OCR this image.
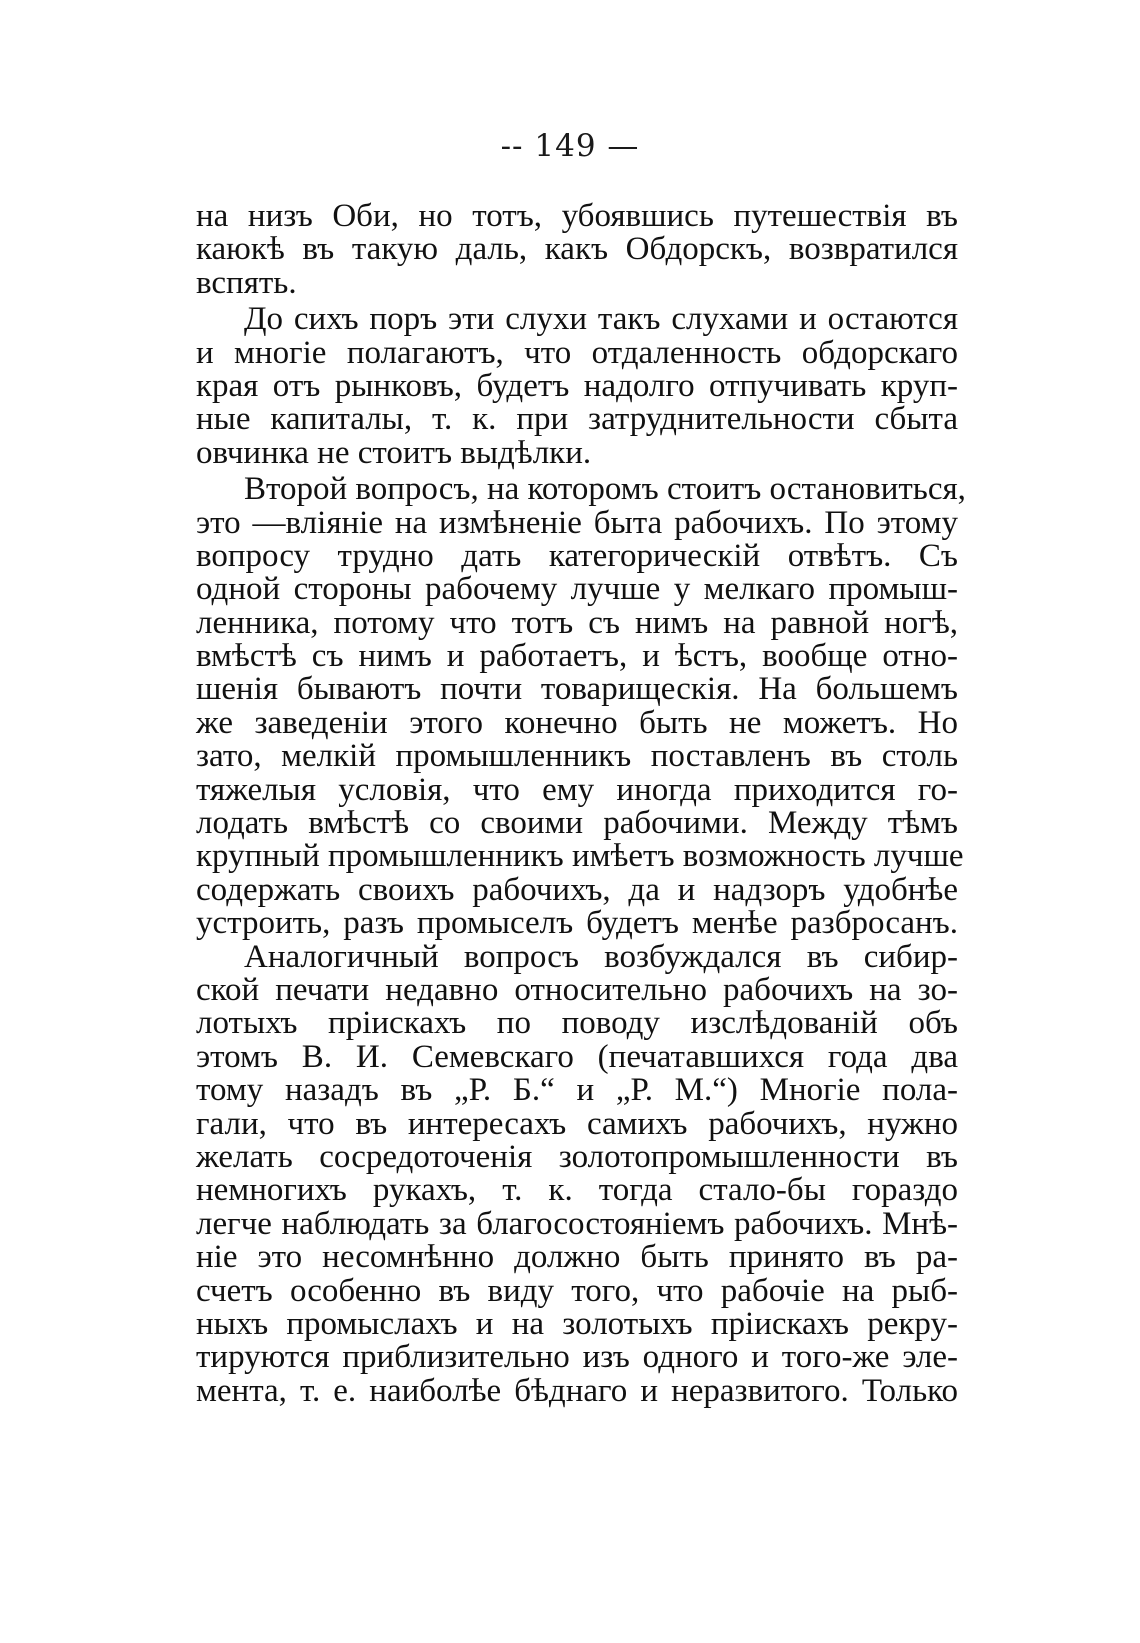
-- 149 —
на низъ Оби, но тотъ, убоявшись путешествія въ
каюкѣ въ такую даль, какъ Обдорскъ, возвратился
вспять.
До сихъ поръ эти слухи такъ слухами и остаются
и многіе полагаютъ, что отдаленность обдорскаго
края отъ рынковъ, будетъ надолго отпучивать круп-
ные капиталы, т. к. при затруднительности сбыта
овчинка не стоитъ выдѣлки.
Второй вопросъ, на которомъ стоитъ остановиться,
это —вліяніе на измѣненіе быта рабочихъ. По этому
вопросу трудно дать категорическій отвѣтъ. Съ
одной стороны рабочему лучше у мелкаго промыш-
ленника, потому что тотъ съ нимъ на равной ногѣ,
вмѣстѣ съ нимъ и работаетъ, и ѣстъ, вообще отно-
шенія бываютъ почти товарищескія. На большемъ
же заведеніи этого конечно быть не можетъ. Но
зато, мелкій промышленникъ поставленъ въ столь
тяжелыя условія, что ему иногда приходится го-
лодать вмѣстѣ со своими рабочими. Между тѣмъ
крупный промышленникъ имѣетъ возможность лучше
содержать своихъ рабочихъ, да и надзоръ удобнѣе
устроить, разъ промыселъ будетъ менѣе разбросанъ.
Аналогичный вопросъ возбуждался въ сибир-
ской печати недавно относительно рабочихъ на зо-
лотыхъ пріискахъ по поводу изслѣдованій объ
этомъ В. И. Семевскаго (печатавшихся года два
тому назадъ въ „Р. Б.“ и „Р. М.“) Многіе пола-
гали, что въ интересахъ самихъ рабочихъ, нужно
желать сосредоточенія золотопромышленности въ
немногихъ рукахъ, т. к. тогда стало-бы гораздо
легче наблюдать за благосостояніемъ рабочихъ. Мнѣ-
ніе это несомнѣнно должно быть принято въ ра-
счетъ особенно въ виду того, что рабочіе на рыб-
ныхъ промыслахъ и на золотыхъ пріискахъ рекру-
тируются приблизительно изъ одного и того-же эле-
мента, т. е. наиболѣе бѣднаго и неразвитого. Только
